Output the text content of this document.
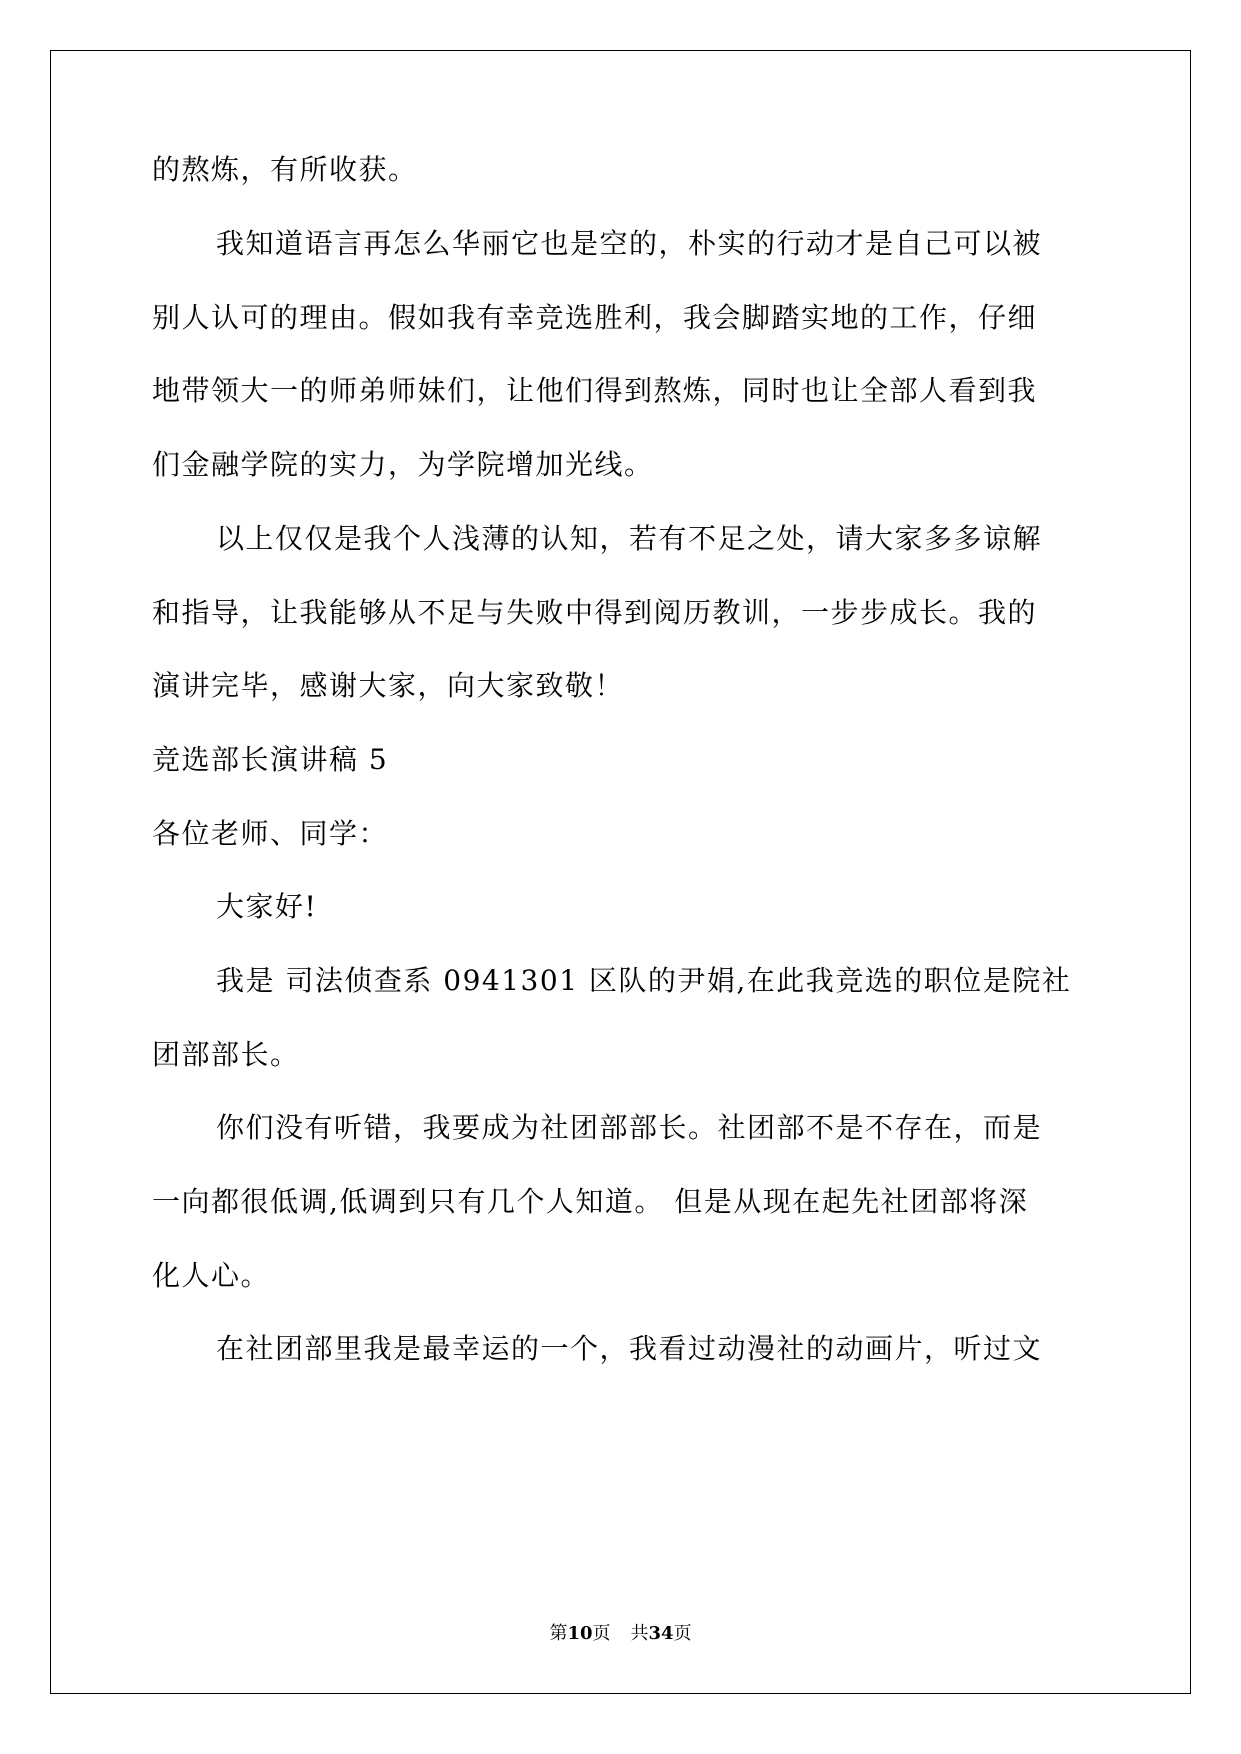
的熬炼，有所收获。
我知道语言再怎么华丽它也是空的，朴实的行动才是自己可以被
别人认可的理由。假如我有幸竞选胜利，我会脚踏实地的工作，仔细
地带领大一的师弟师妹们，让他们得到熬炼，同时也让全部人看到我
们金融学院的实力，为学院增加光线。
以上仅仅是我个人浅薄的认知，若有不足之处，请大家多多谅解
和指导，让我能够从不足与失败中得到阅历教训，一步步成长。我的
演讲完毕，感谢大家，向大家致敬！
竞选部长演讲稿 5
各位老师、同学：
大家好!
我是 司法侦查系 0941301 区队的尹娟,在此我竞选的职位是院社
团部部长。
你们没有听错，我要成为社团部部长。社团部不是不存在，而是
一向都很低调,低调到只有几个人知道。 但是从现在起先社团部将深
化人心。
在社团部里我是最幸运的一个，我看过动漫社的动画片，听过文
第10页 共34页
